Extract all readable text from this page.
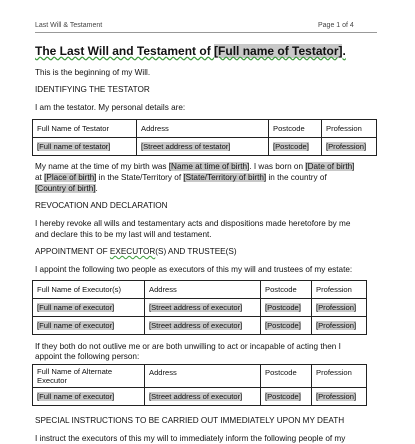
Last Will & Testament	Page 1 of 4
The Last Will and Testament of [Full name of Testator].
This is the beginning of my Will.
IDENTIFYING THE TESTATOR
I am the testator. My personal details are:
Full Name of Testator	Address	Postcode	Profession
[Full name of testator]	[Street address of testator]	[Postcode]	[Profession]
My name at the time of my birth was [Name at time of birth]. I was born on [Date of birth]
at [Place of birth] in the State/Territory of [State/Territory of birth] in the country of
[Country of birth].
REVOCATION AND DECLARATION
I hereby revoke all wills and testamentary acts and dispositions made heretofore by me
and declare this to be my last will and testament.
APPOINTMENT OF EXECUTOR(S) AND TRUSTEE(S)
I appoint the following two people as executors of this my will and trustees of my estate:
Full Name of Executor(s)	Address	Postcode	Profession
[Full name of executor]	[Street address of executor]	[Postcode]	[Profession]
[Full name of executor]	[Street address of executor]	[Postcode]	[Profession]
If they both do not outlive me or are both unwilling to act or incapable of acting then I
appoint the following person:
Full Name of Alternate Executor	Address	Postcode	Profession
[Full name of executor]	[Street address of executor]	[Postcode]	[Profession]
SPECIAL INSTRUCTIONS TO BE CARRIED OUT IMMEDIATELY UPON MY DEATH
I instruct the executors of this my will to immediately inform the following people of my
